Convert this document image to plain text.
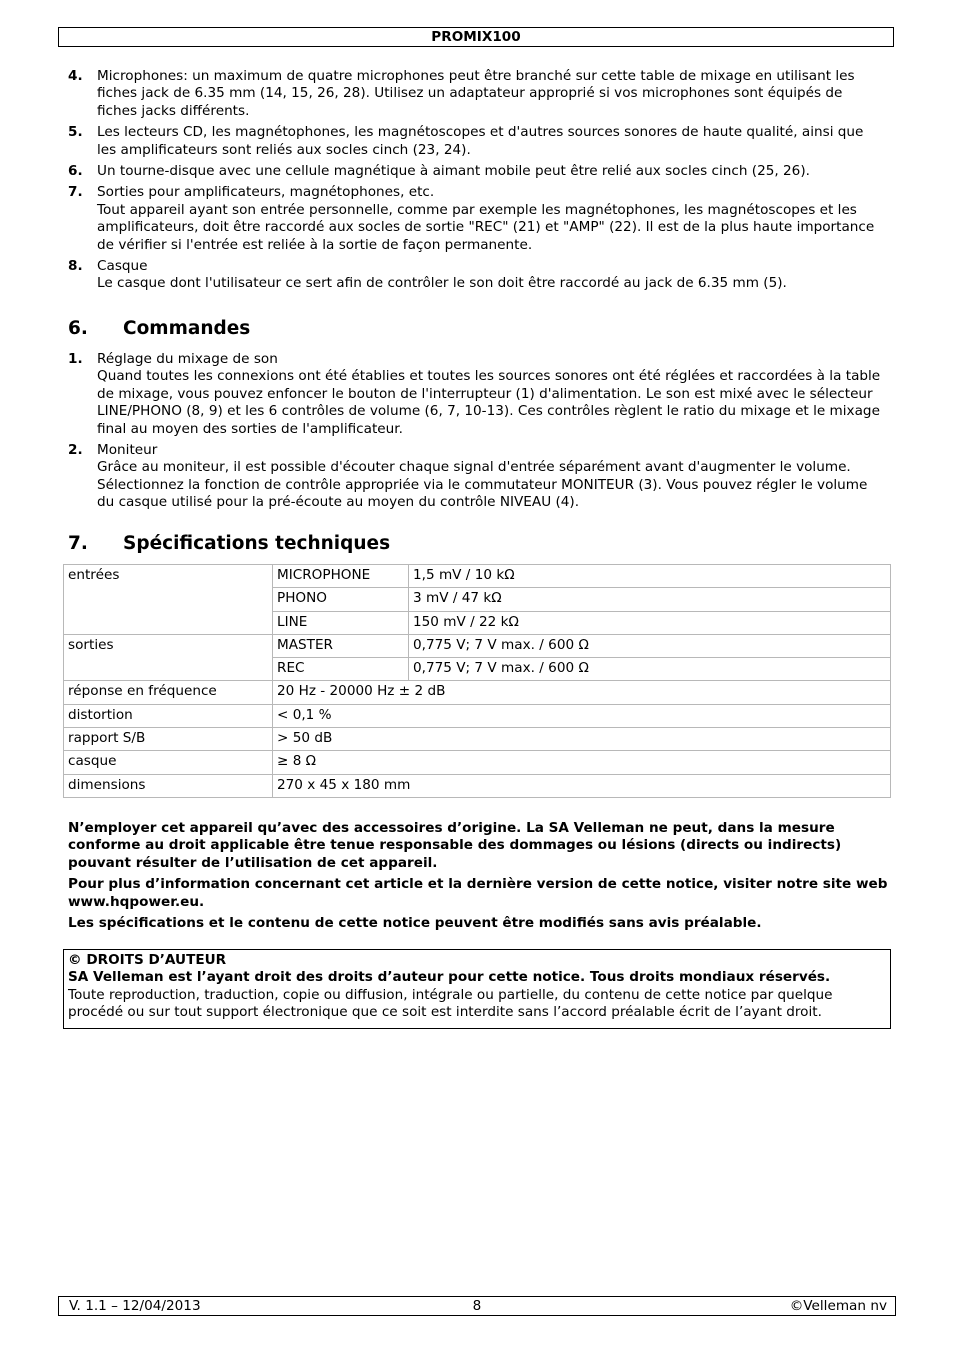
PROMIX100
4. Microphones: un maximum de quatre microphones peut être branché sur cette table de mixage en utilisant les fiches jack de 6.35 mm (14, 15, 26, 28). Utilisez un adaptateur approprié si vos microphones sont équipés de fiches jacks différents.
5. Les lecteurs CD, les magnétophones, les magnétoscopes et d'autres sources sonores de haute qualité, ainsi que les amplificateurs sont reliés aux socles cinch (23, 24).
6. Un tourne-disque avec une cellule magnétique à aimant mobile peut être relié aux socles cinch (25, 26).
7. Sorties pour amplificateurs, magnétophones, etc.
Tout appareil ayant son entrée personnelle, comme par exemple les magnétophones, les magnétoscopes et les amplificateurs, doit être raccordé aux socles de sortie "REC" (21) et "AMP" (22). Il est de la plus haute importance de vérifier si l'entrée est reliée à la sortie de façon permanente.
8. Casque
Le casque dont l'utilisateur ce sert afin de contrôler le son doit être raccordé au jack de 6.35 mm (5).
6. Commandes
1. Réglage du mixage de son
Quand toutes les connexions ont été établies et toutes les sources sonores ont été réglées et raccordées à la table de mixage, vous pouvez enfoncer le bouton de l'interrupteur (1) d'alimentation. Le son est mixé avec le sélecteur LINE/PHONO (8, 9) et les 6 contrôles de volume (6, 7, 10-13). Ces contrôles règlent le ratio du mixage et le mixage final au moyen des sorties de l'amplificateur.
2. Moniteur
Grâce au moniteur, il est possible d'écouter chaque signal d'entrée séparément avant d'augmenter le volume. Sélectionnez la fonction de contrôle appropriée via le commutateur MONITEUR (3). Vous pouvez régler le volume du casque utilisé pour la pré-écoute au moyen du contrôle NIVEAU (4).
7. Spécifications techniques
entrées	MICROPHONE	1,5 mV / 10 kΩ
	PHONO	3 mV / 47 kΩ
	LINE	150 mV / 22 kΩ
sorties	MASTER	0,775 V; 7 V max. / 600 Ω
	REC	0,775 V; 7 V max. / 600 Ω
réponse en fréquence	20 Hz - 20000 Hz ± 2 dB	
distortion	< 0,1 %	
rapport S/B	> 50 dB	
casque	≥ 8 Ω	
dimensions	270 x 45 x 180 mm	

N’employer cet appareil qu’avec des accessoires d’origine. La SA Velleman ne peut, dans la mesure conforme au droit applicable être tenue responsable des dommages ou lésions (directs ou indirects) pouvant résulter de l’utilisation de cet appareil.

Pour plus d’information concernant cet article et la dernière version de cette notice, visiter notre site web www.hqpower.eu.

Les spécifications et le contenu de cette notice peuvent être modifiés sans avis préalable.

© DROITS D’AUTEUR
SA Velleman est l’ayant droit des droits d’auteur pour cette notice. Tous droits mondiaux réservés.
Toute reproduction, traduction, copie ou diffusion, intégrale ou partielle, du contenu de cette notice par quelque procédé ou sur tout support électronique que ce soit est interdite sans l’accord préalable écrit de l’ayant droit.
V. 1.1 – 12/04/2013	8	©Velleman nv
